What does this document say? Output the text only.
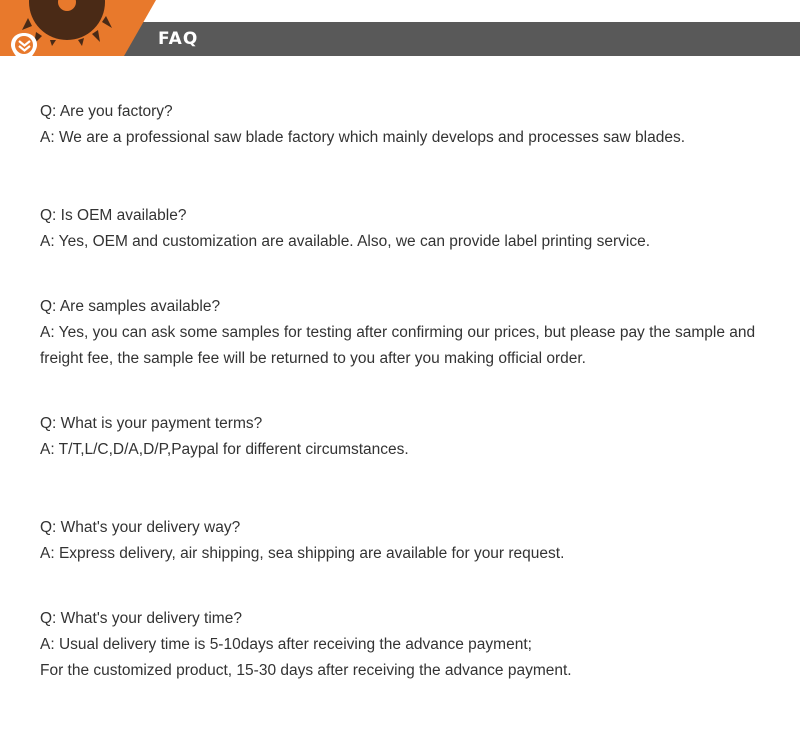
FAQ

Q: Are you factory?

A: We are a professional saw blade factory which mainly develops and processes saw blades.

Q: Is OEM available?

A: Yes, OEM and customization are available. Also, we can provide label printing service.

Q: Are samples available?

A: Yes, you can ask some samples for testing after confirming our prices, but please pay the sample and freight fee, the sample fee will be returned to you after you making official order.

Q: What is your payment terms?

A: T/T,L/C,D/A,D/P,Paypal for different circumstances.

Q: What's your delivery way?

A: Express delivery, air shipping, sea shipping are available for your request.

Q: What's your delivery time?

A: Usual delivery time is 5-10days after receiving the advance payment;

For the customized product, 15-30 days after receiving the advance payment.
